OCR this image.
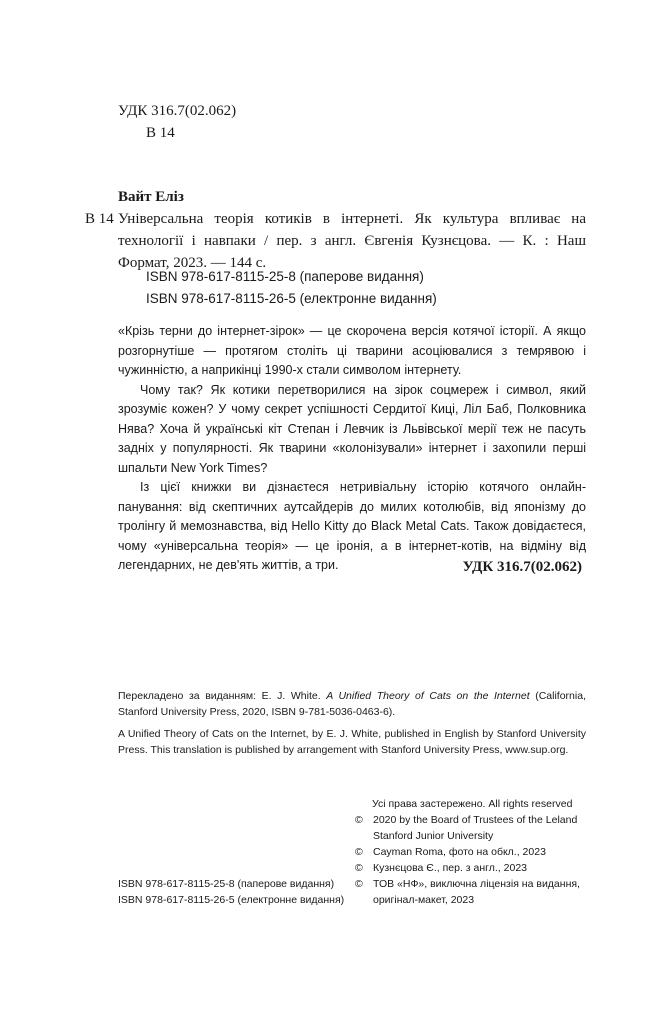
УДК 316.7(02.062)
В 14
Вайт Еліз
В 14 Універсальна теорія котиків в інтернеті. Як культура впливає на технології і навпаки / пер. з англ. Євгенія Кузнєцова. — К. : Наш Формат, 2023. — 144 с.
ISBN 978-617-8115-25-8 (паперове видання)
ISBN 978-617-8115-26-5 (електронне видання)

«Крізь терни до інтернет-зірок» — це скорочена версія котячої історії. А якщо розгорнутіше — протягом століть ці тварини асоціювалися з темрявою і чужинністю, а наприкінці 1990-х стали символом інтернету.

Чому так? Як котики перетворилися на зірок соцмереж і символ, який зрозуміє кожен? У чому секрет успішності Сердитої Киці, Ліл Баб, Полковника Нява? Хоча й українські кіт Степан і Левчик із Львівської мерії теж не пасуть задніх у популярності. Як тварини «колонізували» інтернет і захопили перші шпальти New York Times?

Із цієї книжки ви дізнаєтеся нетривіальну історію котячого онлайн-панування: від скептичних аутсайдерів до милих котолюбів, від японізму до тролінгу й мемознавства, від Hello Kitty до Black Metal Cats. Також довідаєтеся, чому «універсальна теорія» — це іронія, а в інтернет-котів, на відміну від легендарних, не дев'ять життів, а три.	УДК 316.7(02.062)
Перекладено за виданням: E. J. White. A Unified Theory of Cats on the Internet (California, Stanford University Press, 2020, ISBN 9-781-5036-0463-6).
A Unified Theory of Cats on the Internet, by E. J. White, published in English by Stanford University Press. This translation is published by arrangement with Stanford University Press, www.sup.org.
Усі права застережено. All rights reserved
© 2020 by the Board of Trustees of the Leland Stanford Junior University
© Cayman Roma, фото на обкл., 2023
© Кузнєцова Є., пер. з англ., 2023
© ТОВ «НФ», виключна ліцензія на видання, оригінал-макет, 2023
ISBN 978-617-8115-25-8 (паперове видання)
ISBN 978-617-8115-26-5 (електронне видання)
